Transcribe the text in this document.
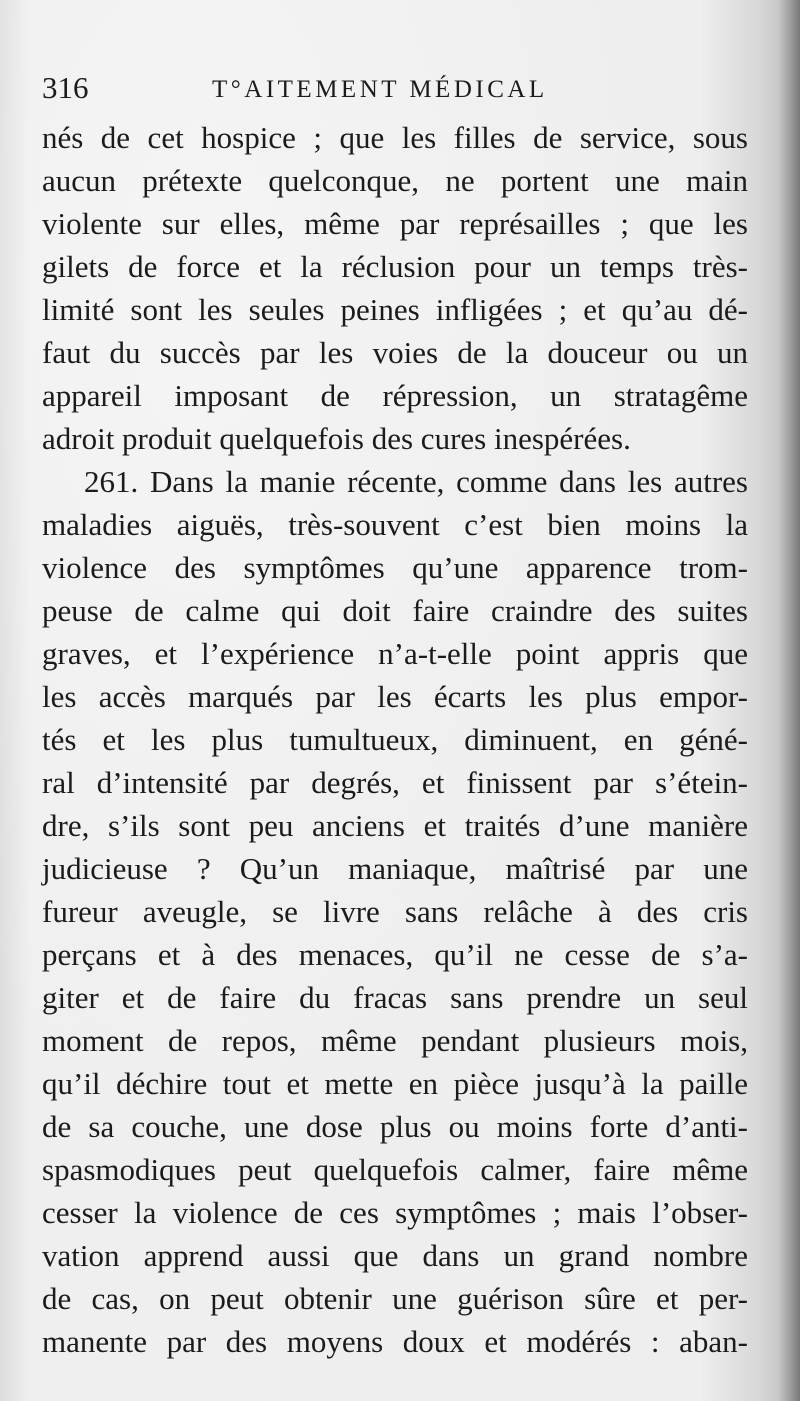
316	T°AITEMENT MÉDICAL
nés de cet hospice ; que les filles de service, sous
aucun prétexte quelconque, ne portent une main
violente sur elles, même par représailles ; que les
gilets de force et la réclusion pour un temps très-
limité sont les seules peines infligées ; et qu’au dé-
faut du succès par les voies de la douceur ou un
appareil imposant de répression, un stratagême
adroit produit quelquefois des cures inespérées.
261. Dans la manie récente, comme dans les autres
maladies aiguës, très-souvent c’est bien moins la
violence des symptômes qu’une apparence trom-
peuse de calme qui doit faire craindre des suites
graves, et l’expérience n’a-t-elle point appris que
les accès marqués par les écarts les plus empor-
tés et les plus tumultueux, diminuent, en géné-
ral d’intensité par degrés, et finissent par s’étein-
dre, s’ils sont peu anciens et traités d’une manière
judicieuse ? Qu’un maniaque, maîtrisé par une
fureur aveugle, se livre sans relâche à des cris
perçans et à des menaces, qu’il ne cesse de s’a-
giter et de faire du fracas sans prendre un seul
moment de repos, même pendant plusieurs mois,
qu’il déchire tout et mette en pièce jusqu’à la paille
de sa couche, une dose plus ou moins forte d’anti-
spasmodiques peut quelquefois calmer, faire même
cesser la violence de ces symptômes ; mais l’obser-
vation apprend aussi que dans un grand nombre
de cas, on peut obtenir une guérison sûre et per-
manente par des moyens doux et modérés : aban-
